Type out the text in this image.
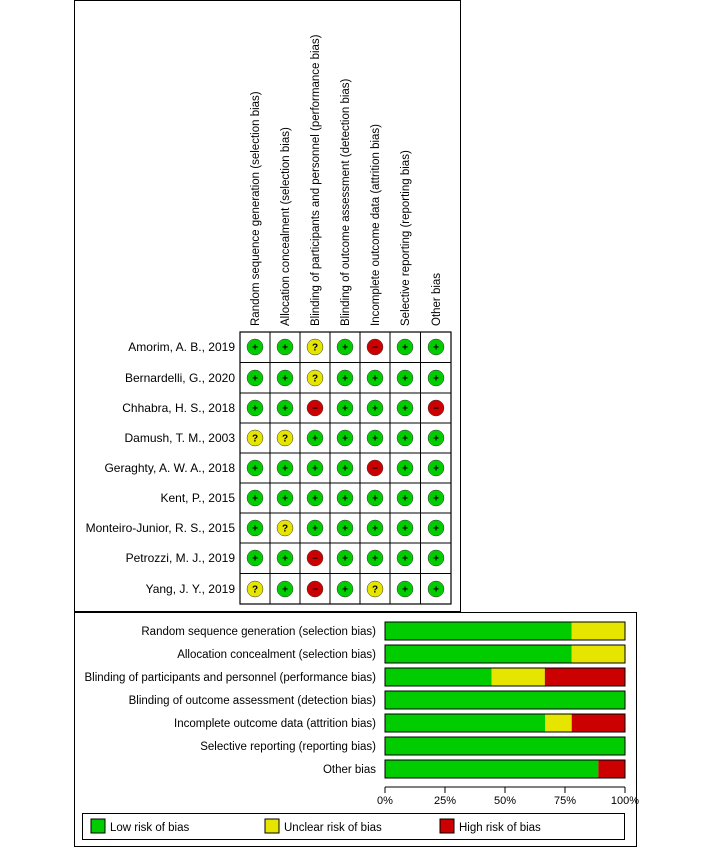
Random sequence generation (selection bias) Allocation concealment (selection bias) Blinding of participants and personnel (performance bias) Blinding of outcome assessment (detection bias) Incomplete outcome data (attrition bias) Selective reporting (reporting bias) Other bias
Amorim, A. B., 2019 + + ? + − +	+
Bernardelli, G., 2020 + + ? + + +	+
Chhabra, H. S., 2018 + + − + + +	−
Damush, T. M., 2003 ? ? + + + +	+
Geraghty, A. W. A., 2018 + + + + − +	+
Kent, P., 2015 + + + + + +	+
Monteiro-Junior, R. S., 2015 + ? + + + +	+
Petrozzi, M. J., 2019 + + − + + +	+
Yang, J. Y., 2019 ? + − + ? +	+
Random sequence generation (selection bias)
Allocation concealment (selection bias)
Blinding of participants and personnel (performance bias)
Blinding of outcome assessment (detection bias)
Incomplete outcome data (attrition bias)
Selective reporting (reporting bias)
Other bias
0%	25%	50%	75%	100%
Low risk of bias	Unclear risk of bias	High risk of bias
